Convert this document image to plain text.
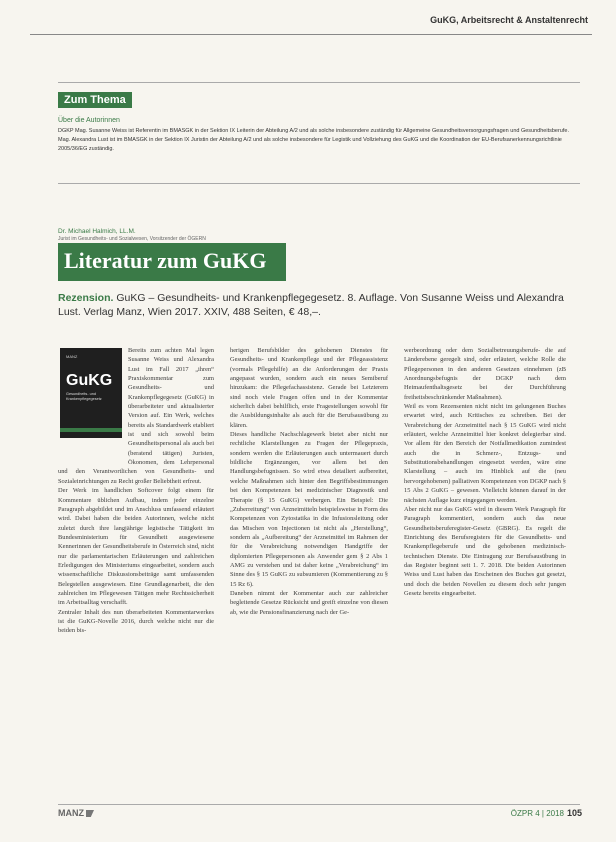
GuKG, Arbeitsrecht & Anstaltenrecht
Zum Thema
Über die Autorinnen

DGKP Mag. Susanne Weiss ist Referentin im BMASGK in der Sektion IX Leiterin der Abteilung A/2 und als solche insbesondere zuständig für Allgemeine Gesundheitsversorgungsfragen und Gesundheitsberufe.

Mag. Alexandra Lust ist im BMASGK in der Sektion IX Juristin der Abteilung A/2 und als solche insbesondere für Legistik und Vollziehung des GuKG und die Koordination der EU-Berufsanerkennungsrichtlinie 2005/36/EG zuständig.

Dr. Michael Halmich, LL.M.
Jurist im Gesundheits- und Sozialwesen, Vorsitzender der ÖGERN
Literatur zum GuKG
Rezension. GuKG – Gesundheits- und Krankenpflegegesetz. 8. Auflage. Von Susanne Weiss und Alexandra Lust. Verlag Manz, Wien 2017. XXIV, 488 Seiten, € 48,–.
MANZ
GuKG
Gesundheits- und Krankenpflegegesetz

Bereits zum achten Mal legen Susanne Weiss und Alexandra Lust im Fall 2017 „ihren“ Praxiskommentar zum Gesundheits- und Krankenpflegegesetz (GuKG) in überarbeiteter und aktualisierter Version auf. Ein Werk, welches bereits als Standardwerk etabliert ist und sich sowohl beim Gesundheitspersonal als auch bei (beratend tätigen) Juristen, Ökonomen, dem Lehrpersonal und den Verantwortlichen von Gesundheits- und Sozialeinrichtungen zu Recht großer Beliebtheit erfreut.

Der Werk im handlichen Softcover folgt einem für Kommentare üblichen Aufbau, indem jeder einzelne Paragraph abgebildet und im Anschluss umfassend erläutert wird. Dabei haben die beiden Autorinnen, welche nicht zuletzt durch ihre langjährige legistische Tätigkeit im Bundesministerium für Gesundheit ausgewiesene Kennerinnen der Gesundheitsberufe in Österreich sind, nicht nur die parlamentarischen Erläuterungen und zahlreichen Erledigungen des Ministeriums eingearbeitet, sondern auch wissenschaftliche Diskussionsbeiträge samt umfassenden Belegstellen ausgewiesen. Eine Grundlagenarbeit, die den zahlreichen im Pflegewesen Tätigen mehr Rechtssicherheit im Arbeitsalltag verschafft.

Zentraler Inhalt des nun überarbeiteten Kommentarwerkes ist die GuKG-Novelle 2016, durch welche nicht nur die beiden bis-

herigen Berufsbilder des gehobenen Dienstes für Gesundheits- und Krankenpflege und der Pflegeassistenz (vormals Pflegehilfe) an die Anforderungen der Praxis angepasst wurden, sondern auch ein neues Semiberuf hinzukam: die Pflegefachassistenz. Gerade bei Letzterem sind noch viele Fragen offen und in der Kommentar sicherlich dabei behilflich, erste Fragestellungen sowohl für die Ausbildungsinhalte als auch für die Berufsausübung zu klären.

Dieses handliche Nachschlagewerk bietet aber nicht nur rechtliche Klarstellungen zu Fragen der Pflegepraxis, sondern werden die Erläuterungen auch untermauert durch bildliche Ergänzungen, vor allem bei den Handlungsbefugnissen. So wird etwa detailiert aufbereitet, welche Maßnahmen sich hinter den Begriffsbestimmungen bei den Kompetenzen bei medizinischer Diagnostik und Therapie (§ 15 GuKG) verbergen. Ein Beispiel: Die „Zuberreitung“ von Arzneimitteln beispielsweise in Form des Kompetenzen von Zytostatika in die Infusionsleitung oder das Mischen von Injectionen ist nicht als „Herstellung“, sondern als „Aufbereitung“ der Arzneimittel im Rahmen der für die Verabreichung notwendigen Handgriffe der diplomierten Pflegepersonen als Anwender gem § 2 Abs 1 AMG zu verstehen und ist daher keine „Verabreichung“ im Sinne des § 15 GuKG zu subsumieren (Kommentierung zu § 15 Rz 6).

Daneben nimmt der Kommentar auch zur zahlreicher begleitende Gesetze Rücksicht und greift einzelne von diesen ab, wie die Pensionsfinanzierung nach der Ge-

werbeordnung oder dem Sozialbetreuungsberufe- die auf Länderebene geregelt sind, oder erläutert, welche Rolle die Pflegepersonen in den anderen Gesetzen einnehmen (zB Anordnungsbefugnis der DGKP nach dem Heimaufenthaltsgesetz bei der Durchführung freiheitsbeschränkender Maßnahmen).

Weil es vom Rezensenten nicht nicht im gelungenen Buches erwartet wird, auch Kritisches zu schreiben. Bei der Verabreichung der Arzneimittel nach § 15 GuKG wird nicht erläutert, welche Arzneimittel hier konkret delegierbar sind. Vor allem für den Bereich der Notfallmedikation zumindest auch die in Schmerz-, Entzugs- und Substitutionsbehandlungen eingesetzt werden, wäre eine Klarstellung – auch im Hinblick auf die (neu hervorgehobenen) palliativen Kompetenzen von DGKP nach § 15 Abs 2 GuKG – gewesen. Vielleicht können darauf in der nächsten Auflage kurz eingegangen werden.

Aber nicht nur das GuKG wird in diesem Werk Paragraph für Paragraph kommentiert, sondern auch das neue Gesundheitsberuferegister-Gesetz (GBRG). Es regelt die Einrichtung des Berufsregisters für die Gesundheits- und Krankenpflegeberufe und die gehobenen medizinisch-technischen Dienste. Die Eintragung zur Berufsausübung in das Register beginnt seit 1. 7. 2018. Die beiden Autorinnen Weiss und Lust haben das Erscheinen des Buches gut gesetzt, und doch die beiden Novellen zu diesem doch sehr jungen Gesetz bereits eingearbeitet.

MANZ	ÖZPR 4 | 2018 105
